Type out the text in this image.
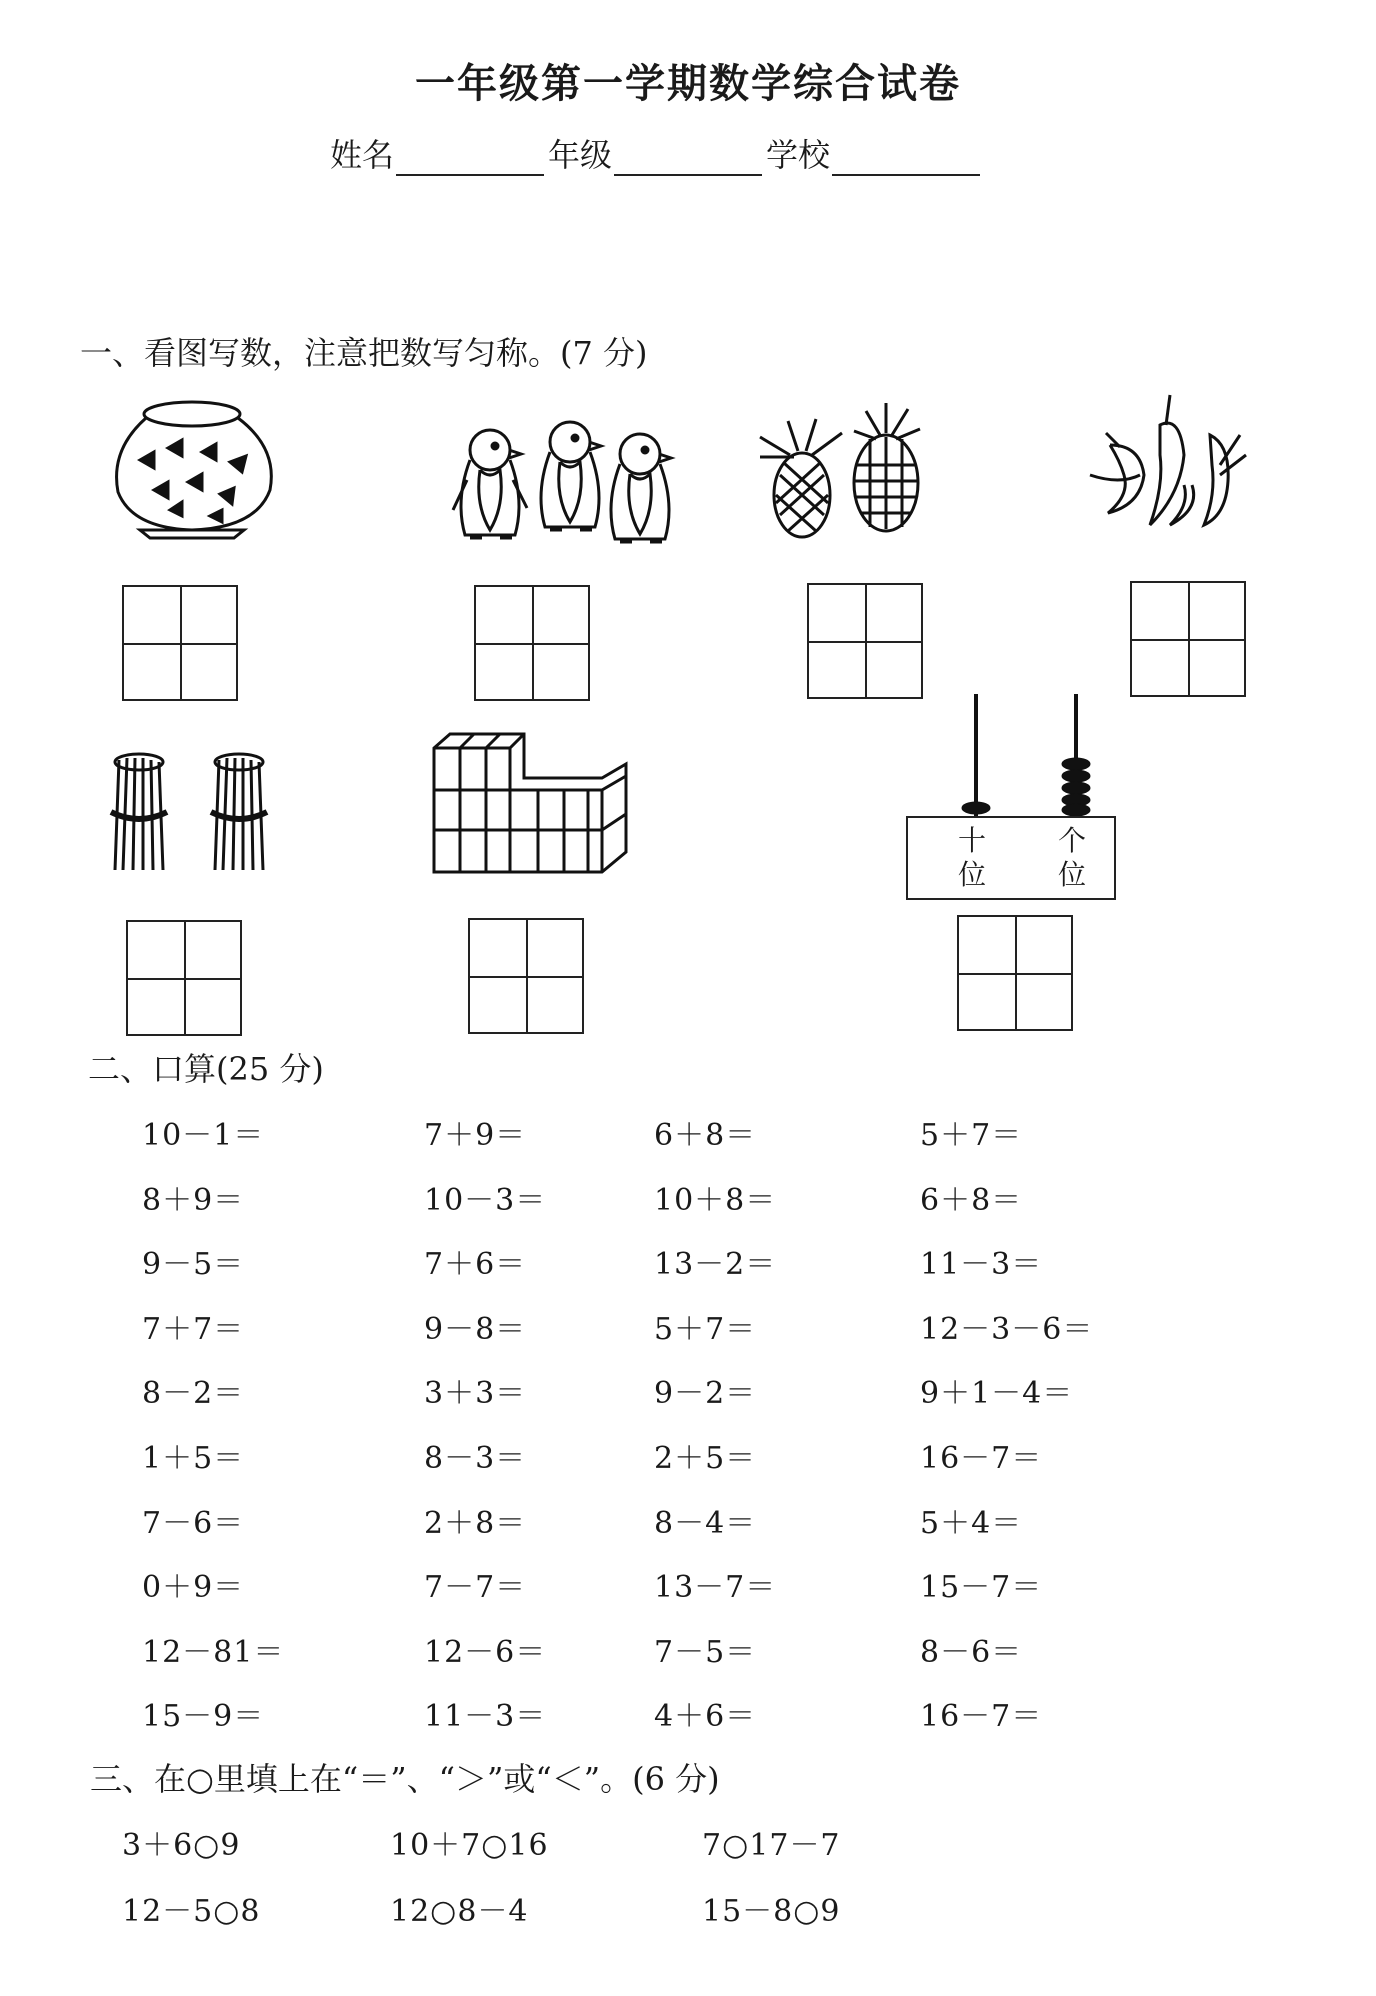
一年级第一学期数学综合试卷
姓名	年级	学校
一、看图写数，注意把数写匀称。(7 分)
十
位
个
位
二、口算(25 分)
10－1＝	7＋9＝	6＋8＝	5＋7＝
8＋9＝	10－3＝	10＋8＝	6＋8＝
9－5＝	7＋6＝	13－2＝	11－3＝
7＋7＝	9－8＝	5＋7＝	12－3－6＝
8－2＝	3＋3＝	9－2＝	9＋1－4＝
1＋5＝	8－3＝	2＋5＝	16－7＝
7－6＝	2＋8＝	8－4＝	5＋4＝
0＋9＝	7－7＝	13－7＝	15－7＝
12－81＝	12－6＝	7－5＝	8－6＝
15－9＝	11－3＝	4＋6＝	16－7＝
三、在○里填上在“＝”、“＞”或“＜”。(6 分)
3＋6○9	10＋7○16	7○17－7
12－5○8	12○8－4	15－8○9
